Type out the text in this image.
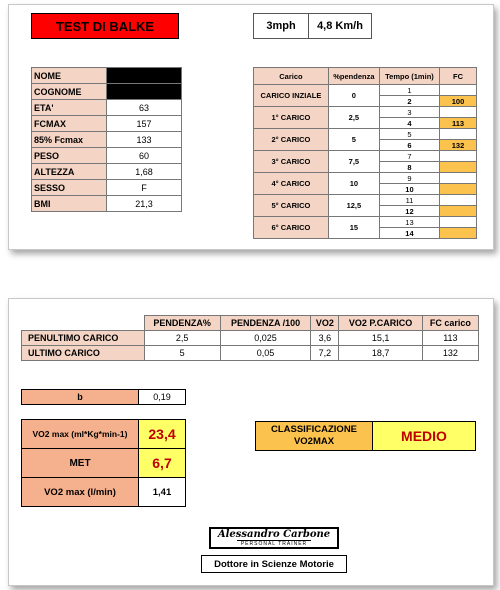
TEST DI BALKE	3mph	4,8 Km/h
NOME	
COGNOME	
ETA'	63
FCMAX	157
85% Fcmax	133
PESO	60
ALTEZZA	1,68
SESSO	F
BMI	21,3
Carico	%pendenza	Tempo (1min)	FC
CARICO INZIALE	0	1	
		2	100
1° CARICO	2,5	3	
		4	113
2° CARICO	5	5	
		6	132
3° CARICO	7,5	7	
		8	
4° CARICO	10	9	
		10	
5° CARICO	12,5	11	
		12	
6° CARICO	15	13	
		14	
	PENDENZA%	PENDENZA /100	VO2	VO2 P.CARICO	FC carico
PENULTIMO CARICO	2,5	0,025	3,6	15,1	113
ULTIMO CARICO	5	0,05	7,2	18,7	132
b	0,19
VO2 max (ml*Kg*min-1)	23,4
MET	6,7
VO2 max (l/min)	1,41
CLASSIFICAZIONE VO2MAX	MEDIO
Alessandro Carbone
PERSONAL TRAINER
Dottore in Scienze Motorie
